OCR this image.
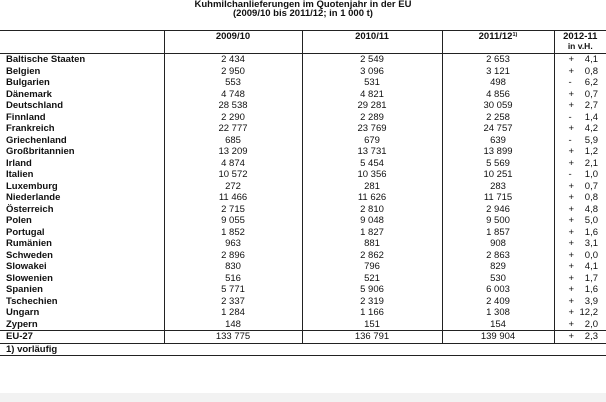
Kuhmilchanlieferungen im Quotenjahr in der EU
(2009/10 bis 2011/12; in 1 000 t)

	2009/10	2010/11	2011/12$^{1)}$	2012-11
in v.H.

Baltische Staaten	2 434	2 549	2 653	+ 4,1

Belgien	2 950	3 096	3 121	+ 0,8

Bulgarien	553	531	498	- 6,2

Dänemark	4 748	4 821	4 856	+ 0,7

Deutschland	28 538	29 281	30 059	+ 2,7

Finnland	2 290	2 289	2 258	- 1,4

Frankreich	22 777	23 769	24 757	+ 4,2

Griechenland	685	679	639	- 5,9

Großbritannien	13 209	13 731	13 899	+ 1,2

Irland	4 874	5 454	5 569	+ 2,1

Italien	10 572	10 356	10 251	- 1,0

Luxemburg	272	281	283	+ 0,7

Niederlande	11 466	11 626	11 715	+ 0,8

Österreich	2 715	2 810	2 946	+ 4,8

Polen	9 055	9 048	9 500	+ 5,0

Portugal	1 852	1 827	1 857	+ 1,6

Rumänien	963	881	908	+ 3,1

Schweden	2 896	2 862	2 863	+ 0,0

Slowakei	830	796	829	+ 4,1

Slowenien	516	521	530	+ 1,7

Spanien	5 771	5 906	6 003	+ 1,6

Tschechien	2 337	2 319	2 409	+ 3,9

Ungarn	1 284	1 166	1 308	+ 12,2

Zypern	148	151	154	+ 2,0

EU-27	133 775	136 791	139 904	+ 2,3

1) vorläufig				
